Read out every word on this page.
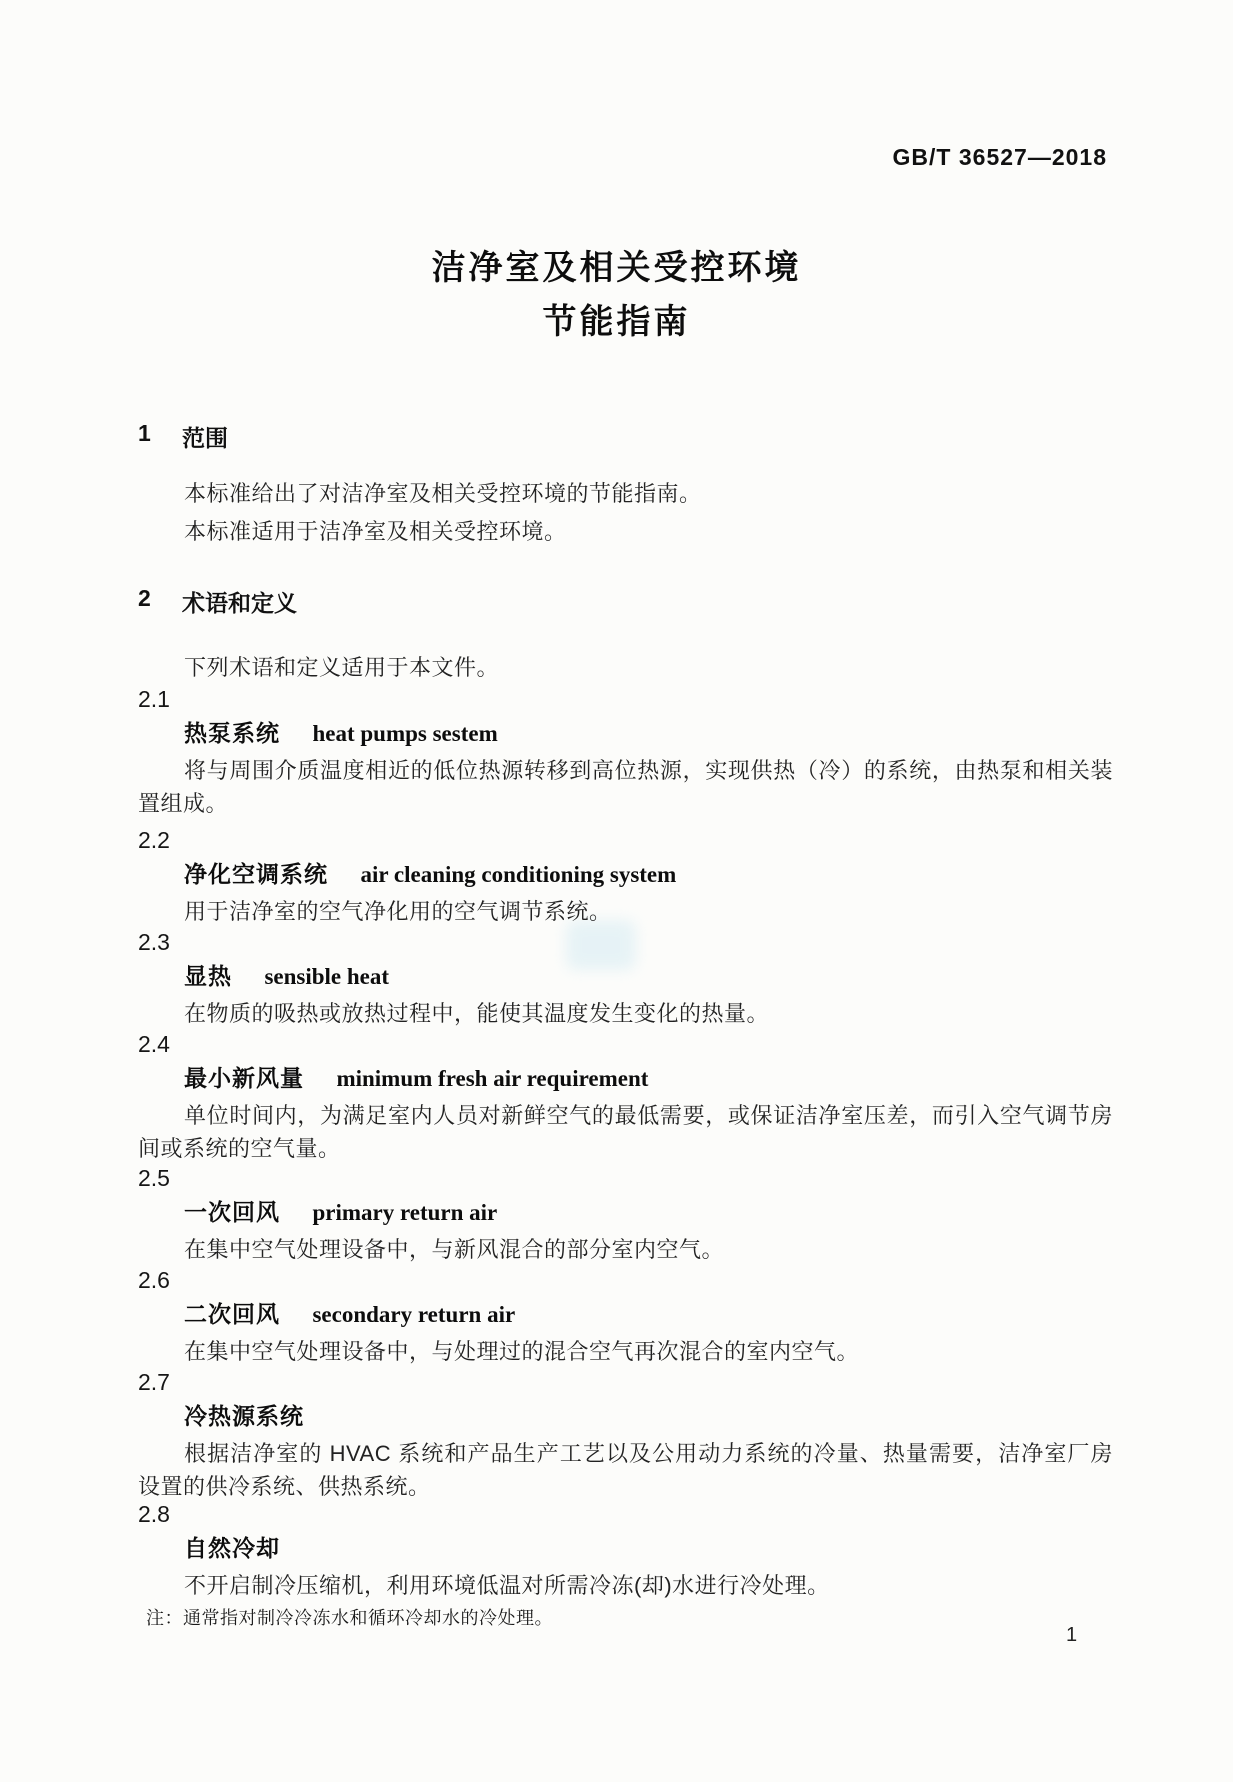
GB/T 36527—2018
洁净室及相关受控环境
节能指南
1	范围
本标准给出了对洁净室及相关受控环境的节能指南。
本标准适用于洁净室及相关受控环境。
2	术语和定义
下列术语和定义适用于本文件。
2.1
热泵系统 heat pumps sestem
将与周围介质温度相近的低位热源转移到高位热源，实现供热（冷）的系统，由热泵和相关装置组成。
2.2
净化空调系统 air cleaning conditioning system
用于洁净室的空气净化用的空气调节系统。
2.3
显热 sensible heat
在物质的吸热或放热过程中，能使其温度发生变化的热量。
2.4
最小新风量 minimum fresh air requirement
单位时间内，为满足室内人员对新鲜空气的最低需要，或保证洁净室压差，而引入空气调节房间或系统的空气量。
2.5
一次回风 primary return air
在集中空气处理设备中，与新风混合的部分室内空气。
2.6
二次回风 secondary return air
在集中空气处理设备中，与处理过的混合空气再次混合的室内空气。
2.7
冷热源系统
根据洁净室的 HVAC 系统和产品生产工艺以及公用动力系统的冷量、热量需要，洁净室厂房设置的供冷系统、供热系统。
2.8
自然冷却
不开启制冷压缩机，利用环境低温对所需冷冻(却)水进行冷处理。
注：通常指对制冷冷冻水和循环冷却水的冷处理。
1
